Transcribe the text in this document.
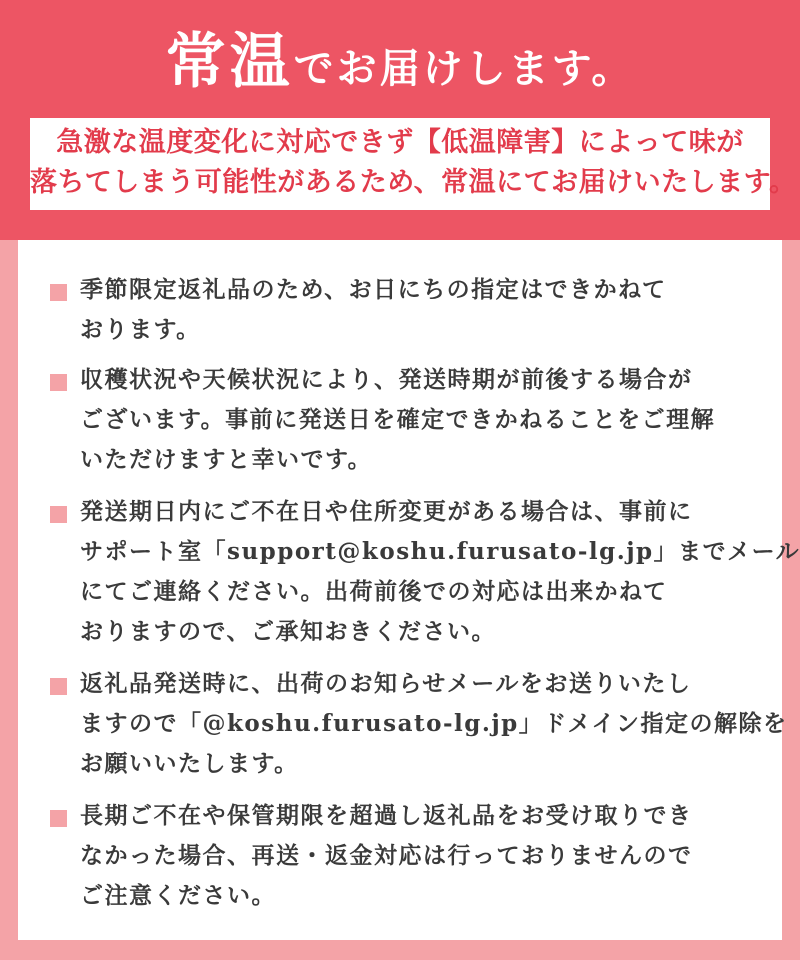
常温でお届けします。
急激な温度変化に対応できず【低温障害】によって味が
落ちてしまう可能性があるため、常温にてお届けいたします。
季節限定返礼品のため、お日にちの指定はできかねて
おります。
収穫状況や天候状況により、発送時期が前後する場合が
ございます。事前に発送日を確定できかねることをご理解
いただけますと幸いです。
発送期日内にご不在日や住所変更がある場合は、事前に
サポート室「support@koshu.furusato-lg.jp」までメール
にてご連絡ください。出荷前後での対応は出来かねて
おりますので、ご承知おきください。
返礼品発送時に、出荷のお知らせメールをお送りいたし
ますので「@koshu.furusato-lg.jp」ドメイン指定の解除を
お願いいたします。
長期ご不在や保管期限を超過し返礼品をお受け取りでき
なかった場合、再送・返金対応は行っておりませんので
ご注意ください。
